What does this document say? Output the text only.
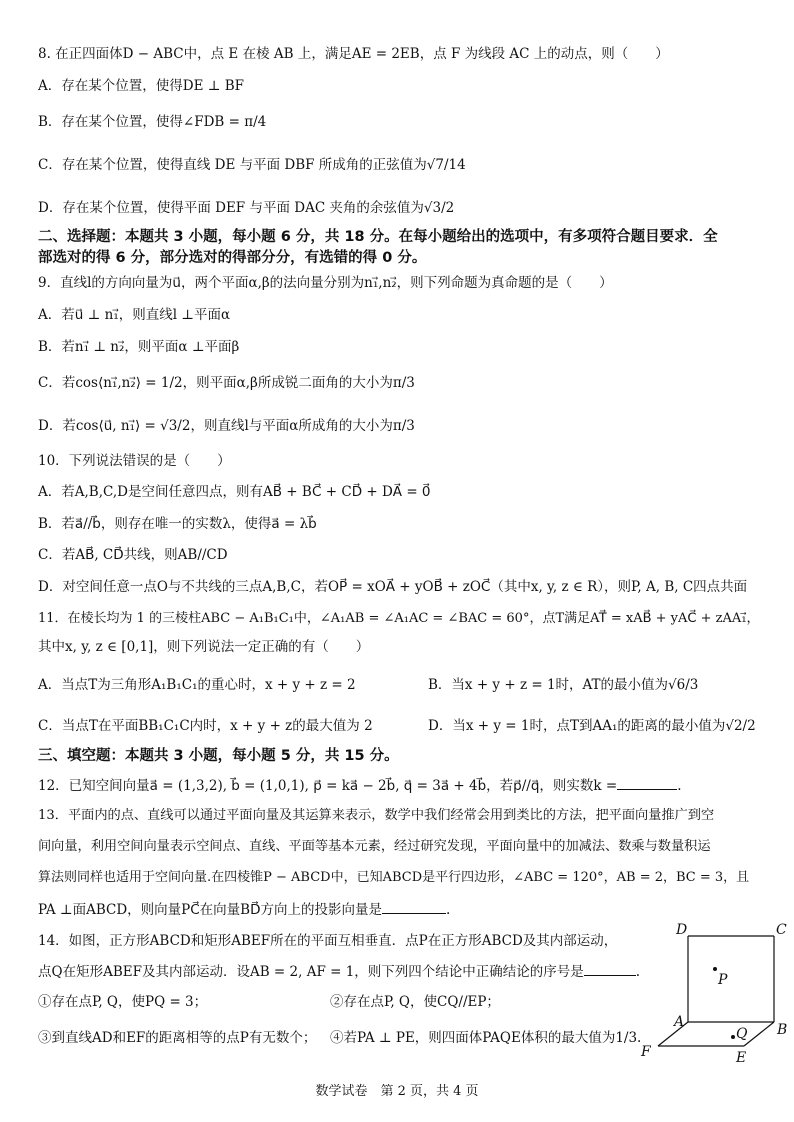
8. 在正四面体D − ABC中，点 E 在棱 AB 上，满足AE = 2EB，点 F 为线段 AC 上的动点，则（　　）
A．存在某个位置，使得DE ⊥ BF
B．存在某个位置，使得∠FDB = π/4
C．存在某个位置，使得直线 DE 与平面 DBF 所成角的正弦值为√7/14
D．存在某个位置，使得平面 DEF 与平面 DAC 夹角的余弦值为√3/2
二、选择题：本题共 3 小题，每小题 6 分，共 18 分。在每小题给出的选项中，有多项符合题目要求．全
部选对的得 6 分，部分选对的得部分分，有选错的得 0 分。
9．直线l的方向向量为u⃗，两个平面α,β的法向量分别为n₁⃗,n₂⃗，则下列命题为真命题的是（　　）
A．若u⃗ ⊥ n₁⃗，则直线l ⊥平面α
B．若n₁⃗ ⊥ n₂⃗，则平面α ⊥平面β
C．若cos⟨n₁⃗,n₂⃗⟩ = 1/2，则平面α,β所成锐二面角的大小为π/3
D．若cos⟨u⃗, n₁⃗⟩ = √3/2，则直线l与平面α所成角的大小为π/3
10．下列说法错误的是（　　）
A．若A,B,C,D是空间任意四点，则有AB⃗ + BC⃗ + CD⃗ + DA⃗ = 0⃗
B．若a⃗//b⃗，则存在唯一的实数λ，使得a⃗ = λb⃗
C．若AB⃗, CD⃗共线，则AB//CD
D．对空间任意一点O与不共线的三点A,B,C，若OP⃗ = xOA⃗ + yOB⃗ + zOC⃗（其中x, y, z ∈ R），则P, A, B, C四点共面
11．在棱长均为 1 的三棱柱ABC − A₁B₁C₁中，∠A₁AB = ∠A₁AC = ∠BAC = 60°，点T满足AT⃗ = xAB⃗ + yAC⃗ + zAA₁⃗，
其中x, y, z ∈ [0,1]，则下列说法一定正确的有（　　）
A．当点T为三角形A₁B₁C₁的重心时，x + y + z = 2	B．当x + y + z = 1时，AT的最小值为√6/3
C．当点T在平面BB₁C₁C内时，x + y + z的最大值为 2	D．当x + y = 1时，点T到AA₁的距离的最小值为√2/2
三、填空题：本题共 3 小题，每小题 5 分，共 15 分。
12．已知空间向量a⃗ = (1,3,2), b⃗ = (1,0,1), p⃗ = ka⃗ − 2b⃗, q⃗ = 3a⃗ + 4b⃗，若p⃗//q⃗，则实数k =	.
13．平面内的点、直线可以通过平面向量及其运算来表示，数学中我们经常会用到类比的方法，把平面向量推广到空
间向量，利用空间向量表示空间点、直线、平面等基本元素，经过研究发现，平面向量中的加减法、数乘与数量积运
算法则同样也适用于空间向量.在四棱锥P − ABCD中，已知ABCD是平行四边形，∠ABC = 120°，AB = 2，BC = 3，且
PA ⊥面ABCD，则向量PC⃗在向量BD⃗方向上的投影向量是	.
14．如图，正方形ABCD和矩形ABEF所在的平面互相垂直．点P在正方形ABCD及其内部运动，
点Q在矩形ABEF及其内部运动．设AB = 2, AF = 1，则下列四个结论中正确结论的序号是	.
①存在点P, Q，使PQ = 3；	②存在点P, Q，使CQ//EP；
③到直线AD和EF的距离相等的点P有无数个； ④若PA ⊥ PE，则四面体PAQE体积的最大值为1/3.
D	C
P
A
Q B
F	E
数学试卷　第 2 页，共 4 页
